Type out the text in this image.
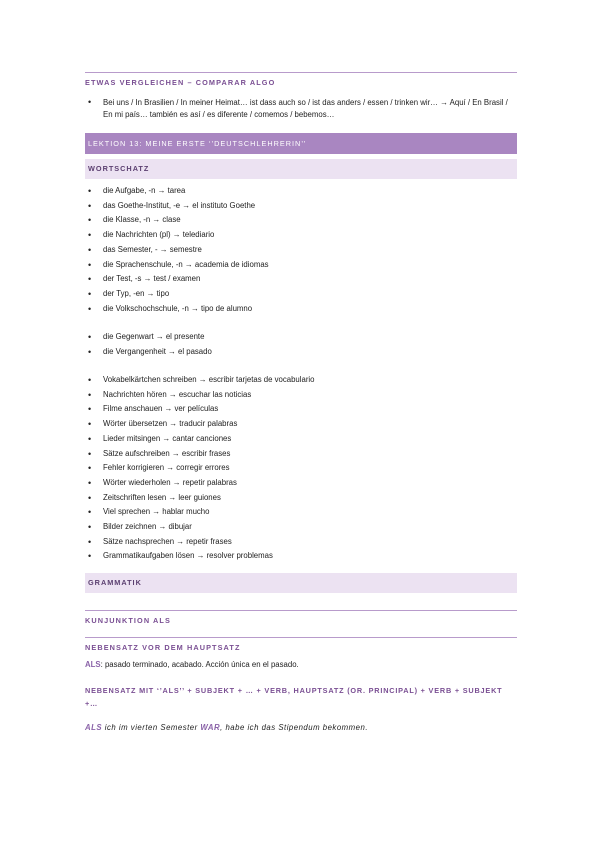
ETWAS VERGLEICHEN – COMPARAR ALGO
• Bei uns / In Brasilien / In meiner Heimat… ist dass auch so / ist das anders / essen / trinken wir… → Aquí / En Brasil / En mi país… también es así / es diferente / comemos / bebemos…
LEKTION 13: MEINE ERSTE ‘’DEUTSCHLEHRERIN’’
WORTSCHATZ
• die Aufgabe, -n → tarea
• das Goethe-Institut, -e → el instituto Goethe
• die Klasse, -n → clase
• die Nachrichten (pl) → telediario
• das Semester, - → semestre
• die Sprachenschule, -n → academia de idiomas
• der Test, -s → test / examen
• der Typ, -en → tipo
• die Volkschochschule, -n → tipo de alumno
• die Gegenwart → el presente
• die Vergangenheit → el pasado
• Vokabelkärtchen schreiben → escribir tarjetas de vocabulario
• Nachrichten hören → escuchar las noticias
• Filme anschauen → ver películas
• Wörter übersetzen → traducir palabras
• Lieder mitsingen → cantar canciones
• Sätze aufschreiben → escribir frases
• Fehler korrigieren → corregir errores
• Wörter wiederholen → repetir palabras
• Zeitschriften lesen → leer guiones
• Viel sprechen → hablar mucho
• Bilder zeichnen → dibujar
• Sätze nachsprechen → repetir frases
• Grammatikaufgaben lösen → resolver problemas
GRAMMATIK
KUNJUNKTION ALS
NEBENSATZ VOR DEM HAUPTSATZ
ALS: pasado terminado, acabado. Acción única en el pasado.
NEBENSATZ MIT ‘’ALS’’ + SUBJEKT + … + VERB, HAUPTSATZ (OR. PRINCIPAL) + VERB + SUBJEKT +…
ALS ich im vierten Semester WAR, habe ich das Stipendum bekommen.
